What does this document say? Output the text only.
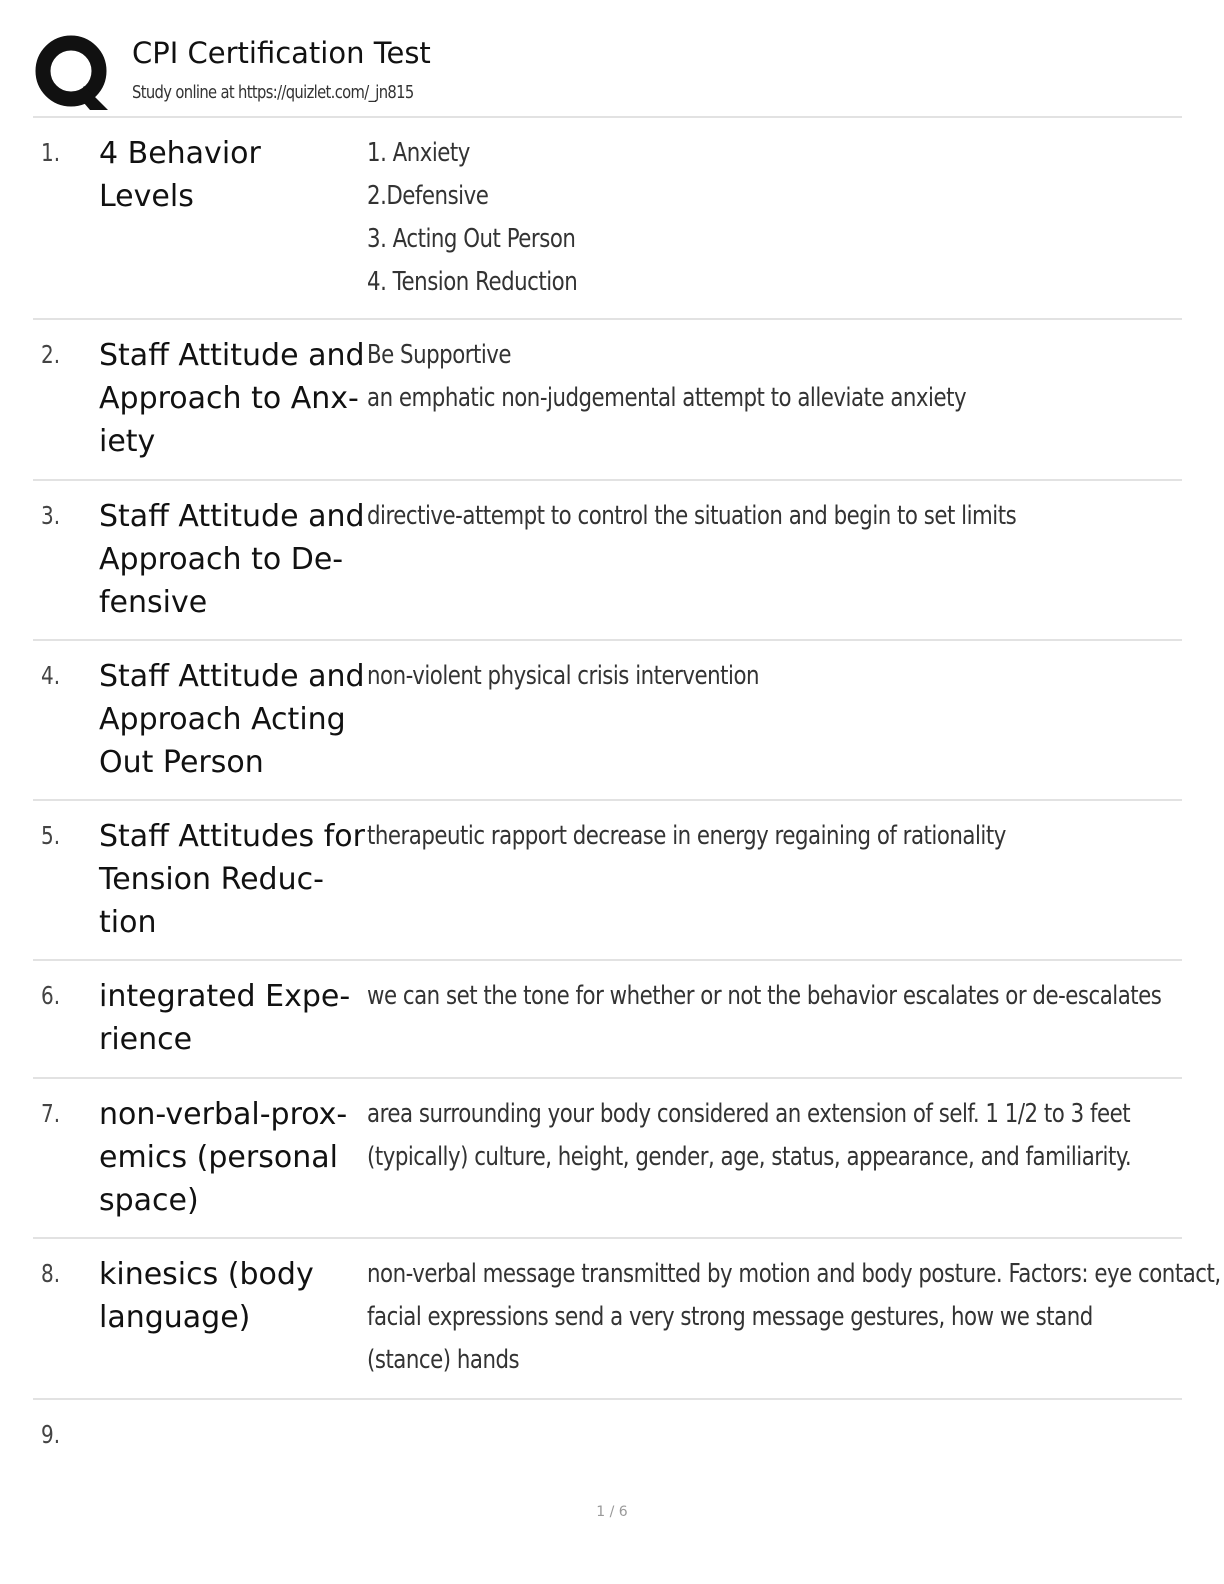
CPI Certification Test
Study online at https://quizlet.com/_jn815
1. 4 Behavior Levels
1. Anxiety
2.Defensive
3. Acting Out Person
4. Tension Reduction
2. Staff Attitude and Approach to Anx- iety
Be Supportive
an emphatic non-judgemental attempt to alleviate anxiety
3. Staff Attitude and Approach to De- fensive
directive-attempt to control the situation and begin to set limits
4. Staff Attitude and Approach Acting Out Person
non-violent physical crisis intervention
5. Staff Attitudes for Tension Reduc- tion
therapeutic rapport decrease in energy regaining of rationality
6. integrated Expe- rience
we can set the tone for whether or not the behavior escalates or de-escalates
7. non-verbal-prox- emics (personal space)
area surrounding your body considered an extension of self. 1 1/2 to 3 feet
(typically) culture, height, gender, age, status, appearance, and familiarity.
8. kinesics (body language)
non-verbal message transmitted by motion and body posture. Factors: eye contact,
facial expressions send a very strong message gestures, how we stand
(stance) hands
9.
1 / 6
